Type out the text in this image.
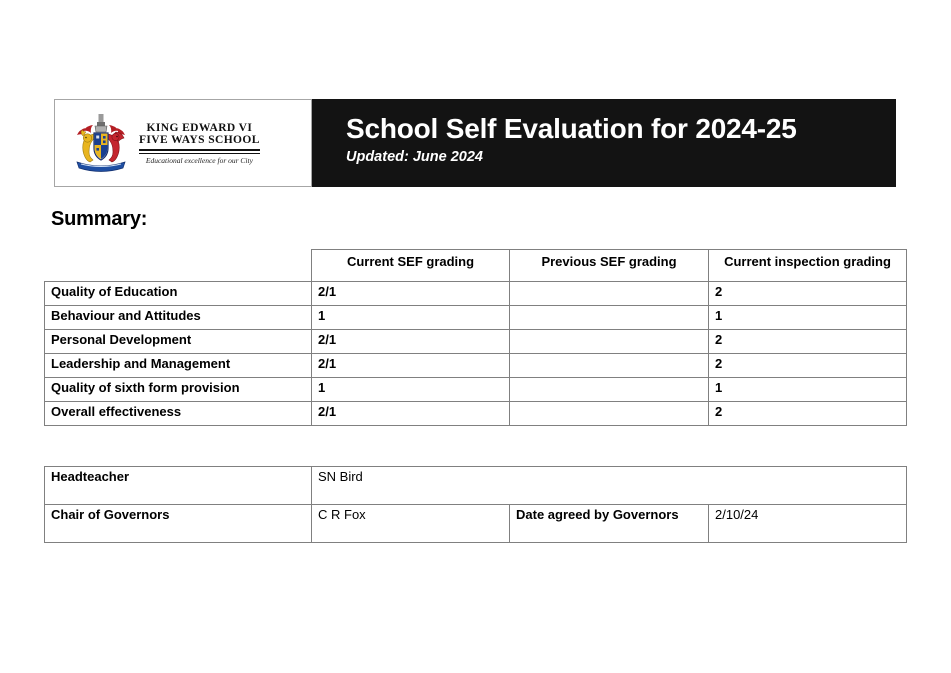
KING EDWARD VI
FIVE WAYS SCHOOL
Educational excellence for our City
School Self Evaluation for 2024-25
Updated: June 2024
Summary:
	Current SEF grading	Previous SEF grading	Current inspection grading
Quality of Education	2/1		2
Behaviour and Attitudes	1		1
Personal Development	2/1		2
Leadership and Management	2/1		2
Quality of sixth form provision	1		1
Overall effectiveness	2/1		2
Headteacher	SN Bird		
Chair of Governors	C R Fox	Date agreed by Governors	2/10/24
